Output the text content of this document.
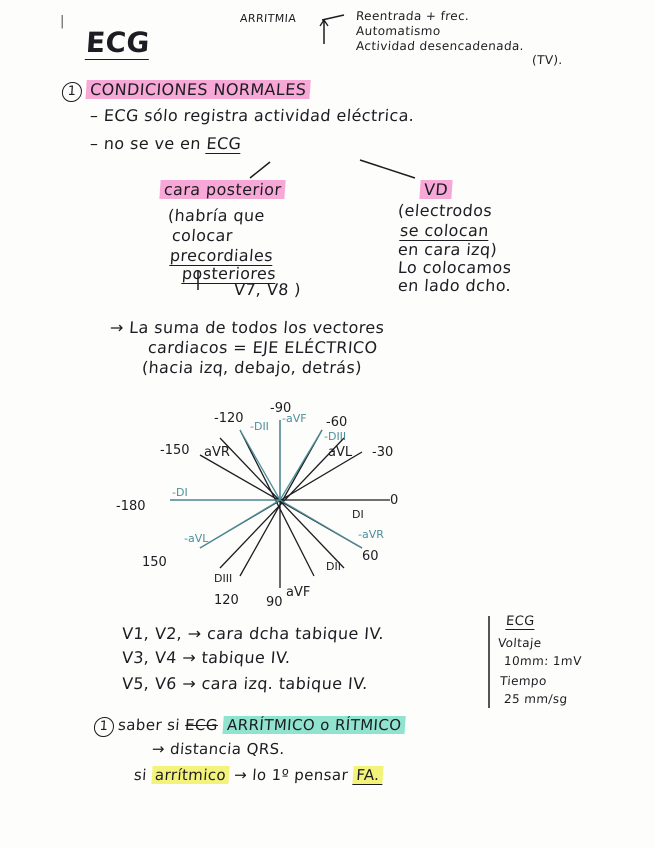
|
ECG
ARRITMIA	Reentrada + frec.
Automatismo
Actividad desencadenada.
(TV).
1 CONDICIONES NORMALES
– ECG sólo registra actividad eléctrica.
– no se ve en ECG
cara posterior
(habría que
colocar
precordiales
posteriores
V7, V8 )
VD
(electrodos
se colocan
en cara izq)
Lo colocamos
en lado dcho.
→ La suma de todos los vectores
cardiacos = EJE ELÉCTRICO
(hacia izq, debajo, detrás)
-90
-120	-60
-150	-30
-180	0
150	60
120 90
aVR	aVL
aVF
DIII
DII
-DII
-aVF
-DIII
-DI
DI
-aVL	-aVR
V1, V2, → cara dcha tabique IV.
V3, V4 → tabique IV.
V5, V6 → cara izq. tabique IV.
ECG
Voltaje
10mm: 1mV
Tiempo
25 mm/sg
1 saber si ECG ARRÍTMICO o RÍTMICO
→ distancia QRS.
si arrítmico → lo 1º pensar FA.
